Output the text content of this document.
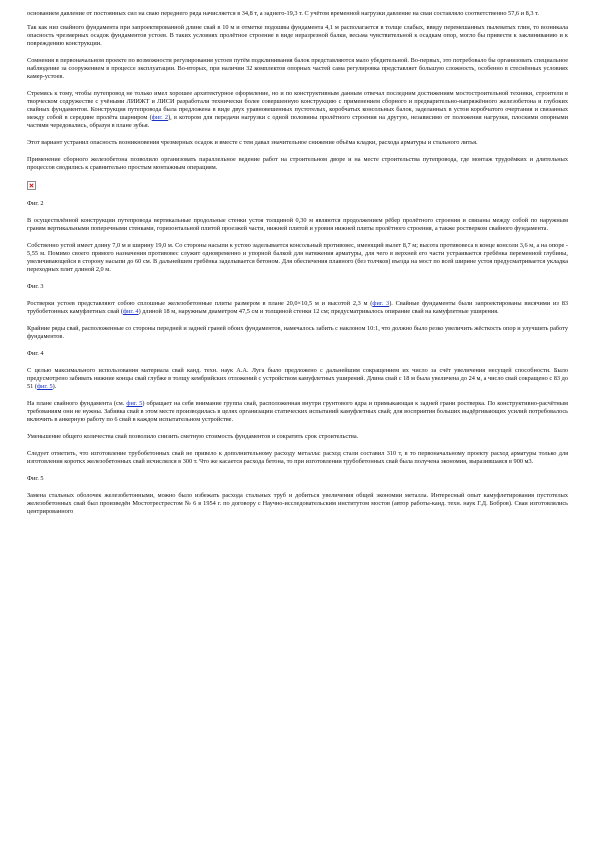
основанием давление от постоянных сил на сваю переднего ряда начисляется в 34,8 т, а заднего-19,3 т. С учётом временной нагрузки давление на сваи составляло соответственно 57,6 и 8,3 т.

Так как низ свайного фундамента при запроектированной длине свай в 10 м и отметке подошвы фундамента 4,1 м располагается в толще слабых, ввиду перемешанных пылеватых глин, то возникала опасность чрезмерных осадок фундаментов устоев. В таких условиях пролётное строение в виде неразрезной балки, весьма чувствительной к осадкам опор, могло бы привести к заклиниванию и к повреждению конструкции.

Сомнения в первоначальном проекте по возможности регулирования устоев путём подклинивания балок представляются мало убедительной. Во-первых, это потребовало бы организовать специальное наблюдение за сооружением в процессе эксплуатации. Во-вторых, при наличии 32 комплектов опорных частей сама регулировка представляет большую сложность, особенно в стеснённых условиях камер-устоев.

Стремясь к тому, чтобы путепровод не только имел хорошее архитектурное оформление, но и по конструктивным данным отвечал последним достижениям мостостроительной техники, строители в творческом содружестве с учёными ЛИИЖТ и ЛИСИ разработали технически более совершенную конструкцию с применением сборного и предварительно-напряжённого железобетона и глубоких свайных фундаментов. Конструкция путепровода была предложена в виде двух уравновешенных пустотелых, коробчатых консольных балок, заделанных в устои коробчатого очертания и связанных между собой в середине пролёта шарниром (фиг. 2), в котором для передачи нагрузки с одной половины пролётного строения на другую, независимо от положения нагрузки, плоскими опорными частями чередовались, образуя в плане зубья.

Этот вариант устранил опасность возникновения чрезмерных осадок и вместе с тем давал значительное снижение объёма кладки, расхода арматуры и стального литья.

Применение сборного железобетона позволило организовать параллельное ведение работ на строительном дворе и на месте строительства путепровода, где монтаж трудоёмких и длительных процессов сводились к сравнительно простым монтажным операциям.

Фиг. 2

В осуществлённой конструкции путепровода вертикальные продольные стенки устоя толщиной 0,30 м являются продолжением рёбер пролётного строения и связаны между собой по наружным граням вертикальными поперечными стенками, горизонтальной плитой проезжей части, нижней плитой и уровня нижней плиты пролётного строения, а также ростверком свайного фундамента.

Собственно устой имеет длину 7,0 м и ширину 19,0 м. Со стороны насыпи к устою заделывается консольный противовес, имеющий вылет 8,7 м; высота противовеса в конце консоли 3,6 м, а на опоре - 5,55 м. Помимо своего прямого назначения противовес служит одновременно и упорной балкой для натяжения арматуры, для чего в верхней его части устраивается гребёнка переменной глубины, увеличивающейся в сторону насыпи до 60 см. В дальнейшем гребёнка заделывается бетоном. Для обеспечения плавного (без толчков) въезда на мост по всей ширине устоя предусматривается укладка переходных плит длиной 2,0 м.

Фиг. 3

Ростверки устоев представляют собою сплошные железобетонные плиты размером в плане 20,0×10,5 м и высотой 2,3 м (фиг. 3). Свайные фундаменты были запроектированы висячими из 83 трубобетонных камуфлетных свай (фиг. 4) длиной 18 м, наружным диаметром 47,5 см и толщиной стенки 12 см; предусматривалось опирание свай на камуфлетные уширения.

Крайние ряды свай, расположенные со стороны передней и задней граней обоих фундаментов, намечалось забить с наклоном 10:1, что должно было резко увеличить жёсткость опор и улучшить работу фундаментов.

Фиг. 4

С целью максимального использования материала свай канд. техн. наук А.А. Луга было предложено с дальнейшим сокращением их число за счёт увеличения несущей способности. Было предусмотрено забивать нижние концы свай глубже в толщу кембрийских отложений с устройством камуфлетных уширений. Длина свай с 18 м была увеличена до 24 м, а число свай сокращено с 83 до 51 (фиг. 5).

На плане свайного фундамента (см. фиг. 5) обращает на себя внимание группа свай, расположенная внутри грунтового ядра и примыкающая к задней грани ростверка. По конструктивно-расчётным требованиям они не нужны. Забивка свай в этом месте производилась в целях организации статических испытаний камуфлетных свай; для восприятия больших выдёргивающих усилий потребовалось включить в анкерную работу по 6 свай в каждом испытательном устройстве.

Уменьшение общего количества свай позволило снизить сметную стоимость фундаментов и сократить срок строительства.

Следует отметить, что изготовление трубобетонных свай не привело к дополнительному расходу металла: расход стали составил 310 т, в то первоначальному проекту расход арматуры только для изготовления короткх железобетонных свай исчислялся в 300 т. Что же касается расхода бетона, то при изготовлении трубобетонных свай была получена экономия, выразившаяся в 900 м3.

Фиг. 5

Замена стальных оболочек железобетонными, можно было избежать расхода стальных труб и добиться увеличения общей экономии металла. Интересный опыт камуфлетирования пустотелых железобетонных свай был произведён Мостотрестрестом № 6 в 1954 г. по договору с Научно-исследовательским институтом мостов (автор работы-канд. техн. наук Г.Д. Бобров). Сваи изготовлялись центрированного
